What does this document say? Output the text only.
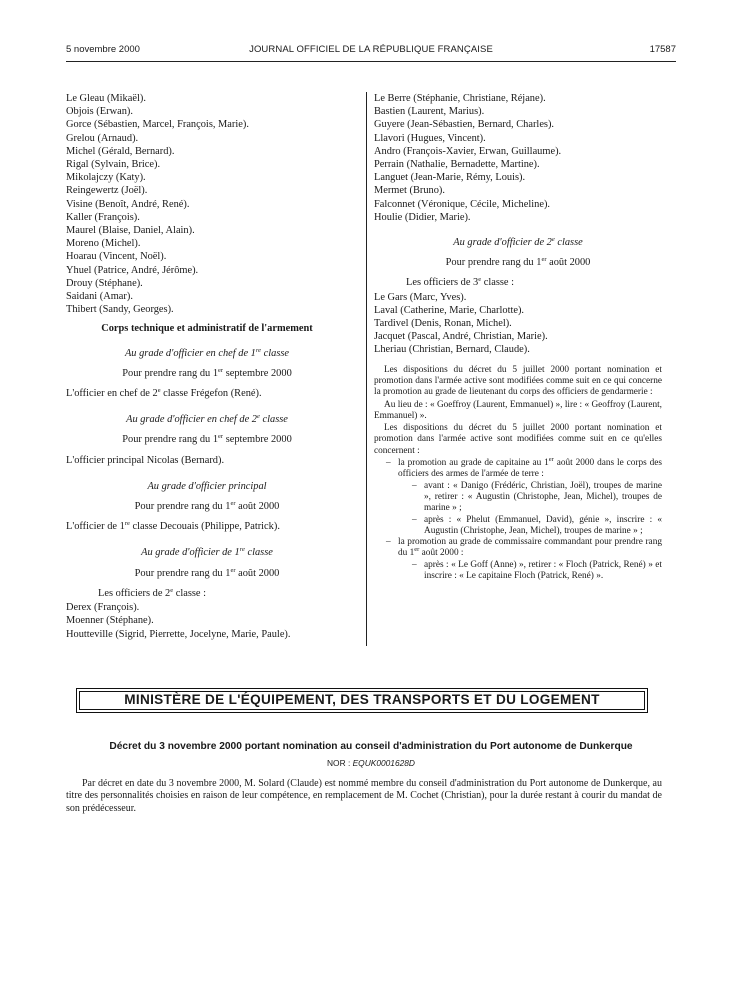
5 novembre 2000	JOURNAL OFFICIEL DE LA RÉPUBLIQUE FRANÇAISE	17587
Le Gleau (Mikaël).
Objois (Erwan).
Gorce (Sébastien, Marcel, François, Marie).
Grelou (Arnaud).
Michel (Gérald, Bernard).
Rigal (Sylvain, Brice).
Mikolajczy (Katy).
Reingewertz (Joël).
Visine (Benoît, André, René).
Kaller (François).
Maurel (Blaise, Daniel, Alain).
Moreno (Michel).
Hoarau (Vincent, Noël).
Yhuel (Patrice, André, Jérôme).
Drouy (Stéphane).
Saidani (Amar).
Thibert (Sandy, Georges).
Corps technique et administratif de l'armement
Au grade d'officier en chef de 1re classe
Pour prendre rang du 1er septembre 2000
L'officier en chef de 2e classe Frégefon (René).
Au grade d'officier en chef de 2e classe
Pour prendre rang du 1er septembre 2000
L'officier principal Nicolas (Bernard).
Au grade d'officier principal
Pour prendre rang du 1er août 2000
L'officier de 1re classe Decouais (Philippe, Patrick).
Au grade d'officier de 1re classe
Pour prendre rang du 1er août 2000
Les officiers de 2e classe :
Derex (François).
Moenner (Stéphane).
Houtteville (Sigrid, Pierrette, Jocelyne, Marie, Paule).
Le Berre (Stéphanie, Christiane, Réjane).
Bastien (Laurent, Marius).
Guyere (Jean-Sébastien, Bernard, Charles).
Llavori (Hugues, Vincent).
Andro (François-Xavier, Erwan, Guillaume).
Perrain (Nathalie, Bernadette, Martine).
Languet (Jean-Marie, Rémy, Louis).
Mermet (Bruno).
Falconnet (Véronique, Cécile, Micheline).
Houlie (Didier, Marie).
Au grade d'officier de 2e classe
Pour prendre rang du 1er août 2000
Les officiers de 3e classe :
Le Gars (Marc, Yves).
Laval (Catherine, Marie, Charlotte).
Tardivel (Denis, Ronan, Michel).
Jacquet (Pascal, André, Christian, Marie).
Lheriau (Christian, Bernard, Claude).

Les dispositions du décret du 5 juillet 2000 portant nomination et promotion dans l'armée active sont modifiées comme suit en ce qui concerne la promotion au grade de lieutenant du corps des officiers de gendarmerie :

Au lieu de : « Goeffroy (Laurent, Emmanuel) », lire : « Geoffroy (Laurent, Emmanuel) ».

Les dispositions du décret du 5 juillet 2000 portant nomination et promotion dans l'armée active sont modifiées comme suit en ce qu'elles concernent :

– la promotion au grade de capitaine au 1er août 2000 dans le corps des officiers des armes de l'armée de terre :

– avant : « Danigo (Frédéric, Christian, Joël), troupes de marine », retirer : « Augustin (Christophe, Jean, Michel), troupes de marine » ;

– après : « Phelut (Emmanuel, David), génie », inscrire : « Augustin (Christophe, Jean, Michel), troupes de marine » ;

– la promotion au grade de commissaire commandant pour prendre rang du 1er août 2000 :

– après : « Le Goff (Anne) », retirer : « Floch (Patrick, René) » et inscrire : « Le capitaine Floch (Patrick, René) ».

MINISTÈRE DE L'ÉQUIPEMENT, DES TRANSPORTS ET DU LOGEMENT
Décret du 3 novembre 2000 portant nomination au conseil d'administration du Port autonome de Dunkerque
NOR : EQUK0001628D
Par décret en date du 3 novembre 2000, M. Solard (Claude) est nommé membre du conseil d'administration du Port autonome de Dunkerque, au titre des personnalités choisies en raison de leur compétence, en remplacement de M. Cochet (Christian), pour la durée restant à courir du mandat de son prédécesseur.
